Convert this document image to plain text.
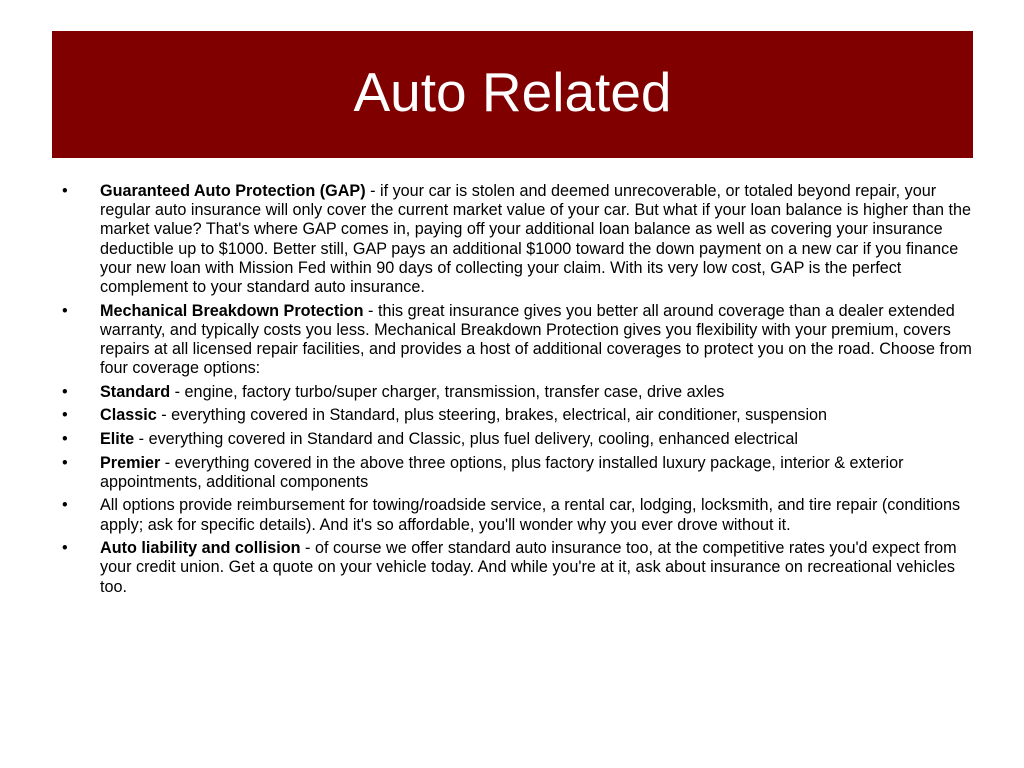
Auto Related
• Guaranteed Auto Protection (GAP) - if your car is stolen and deemed unrecoverable, or totaled beyond repair, your regular auto insurance will only cover the current market value of your car. But what if your loan balance is higher than the market value? That's where GAP comes in, paying off your additional loan balance as well as covering your insurance deductible up to $1000. Better still, GAP pays an additional $1000 toward the down payment on a new car if you finance your new loan with Mission Fed within 90 days of collecting your claim. With its very low cost, GAP is the perfect complement to your standard auto insurance.
• Mechanical Breakdown Protection - this great insurance gives you better all around coverage than a dealer extended warranty, and typically costs you less. Mechanical Breakdown Protection gives you flexibility with your premium, covers repairs at all licensed repair facilities, and provides a host of additional coverages to protect you on the road. Choose from four coverage options:
• Standard - engine, factory turbo/super charger, transmission, transfer case, drive axles
• Classic - everything covered in Standard, plus steering, brakes, electrical, air conditioner, suspension
• Elite - everything covered in Standard and Classic, plus fuel delivery, cooling, enhanced electrical
• Premier - everything covered in the above three options, plus factory installed luxury package, interior & exterior appointments, additional components
• All options provide reimbursement for towing/roadside service, a rental car, lodging, locksmith, and tire repair (conditions apply; ask for specific details). And it's so affordable, you'll wonder why you ever drove without it.
• Auto liability and collision - of course we offer standard auto insurance too, at the competitive rates you'd expect from your credit union. Get a quote on your vehicle today. And while you're at it, ask about insurance on recreational vehicles too.
